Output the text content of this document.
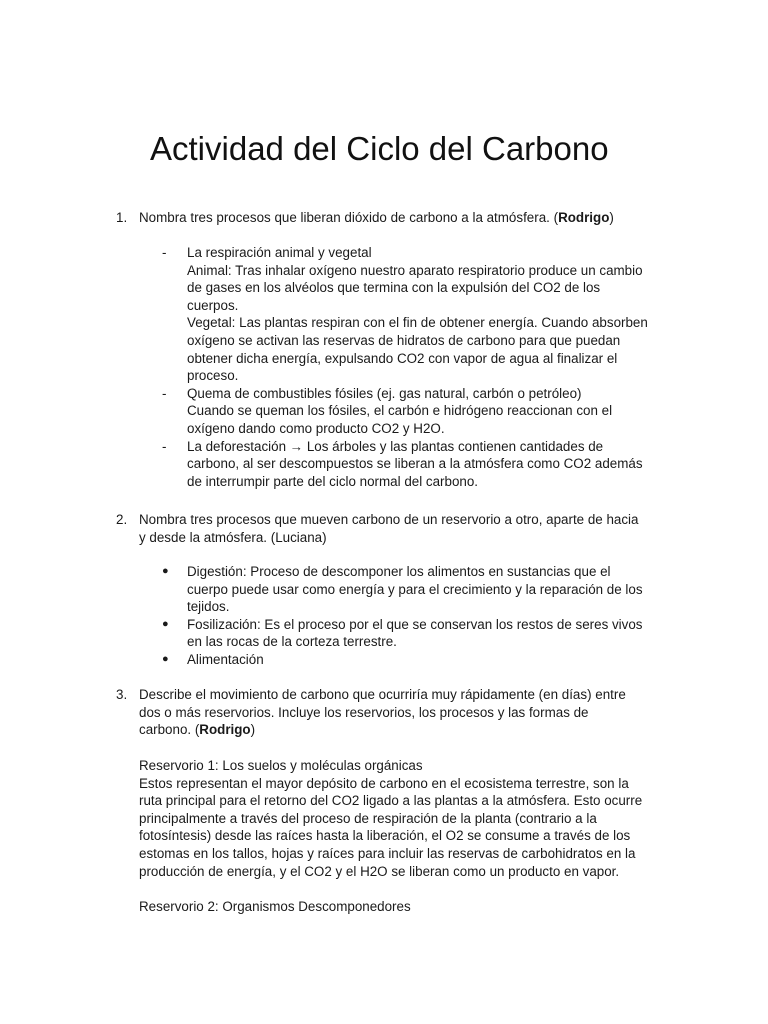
Actividad del Ciclo del Carbono
1. Nombra tres procesos que liberan dióxido de carbono a la atmósfera. (Rodrigo)
-	La respiración animal y vegetal
Animal: Tras inhalar oxígeno nuestro aparato respiratorio produce un cambio
de gases en los alvéolos que termina con la expulsión del CO2 de los
cuerpos.
Vegetal: Las plantas respiran con el fin de obtener energía. Cuando absorben
oxígeno se activan las reservas de hidratos de carbono para que puedan
obtener dicha energía, expulsando CO2 con vapor de agua al finalizar el
proceso.
-	Quema de combustibles fósiles (ej. gas natural, carbón o petróleo)
Cuando se queman los fósiles, el carbón e hidrógeno reaccionan con el
oxígeno dando como producto CO2 y H2O.
-	La deforestación → Los árboles y las plantas contienen cantidades de
carbono, al ser descompuestos se liberan a la atmósfera como CO2 además
de interrumpir parte del ciclo normal del carbono.
2. Nombra tres procesos que mueven carbono de un reservorio a otro, aparte de hacia
y desde la atmósfera. (Luciana)
●	Digestión: Proceso de descomponer los alimentos en sustancias que el
cuerpo puede usar como energía y para el crecimiento y la reparación de los
tejidos.
●	Fosilización: Es el proceso por el que se conservan los restos de seres vivos
en las rocas de la corteza terrestre.
●	Alimentación
3. Describe el movimiento de carbono que ocurriría muy rápidamente (en días) entre
dos o más reservorios. Incluye los reservorios, los procesos y las formas de
carbono. (Rodrigo)
Reservorio 1: Los suelos y moléculas orgánicas
Estos representan el mayor depósito de carbono en el ecosistema terrestre, son la
ruta principal para el retorno del CO2 ligado a las plantas a la atmósfera. Esto ocurre
principalmente a través del proceso de respiración de la planta (contrario a la
fotosíntesis) desde las raíces hasta la liberación, el O2 se consume a través de los
estomas en los tallos, hojas y raíces para incluir las reservas de carbohidratos en la
producción de energía, y el CO2 y el H2O se liberan como un producto en vapor.
Reservorio 2: Organismos Descomponedores
